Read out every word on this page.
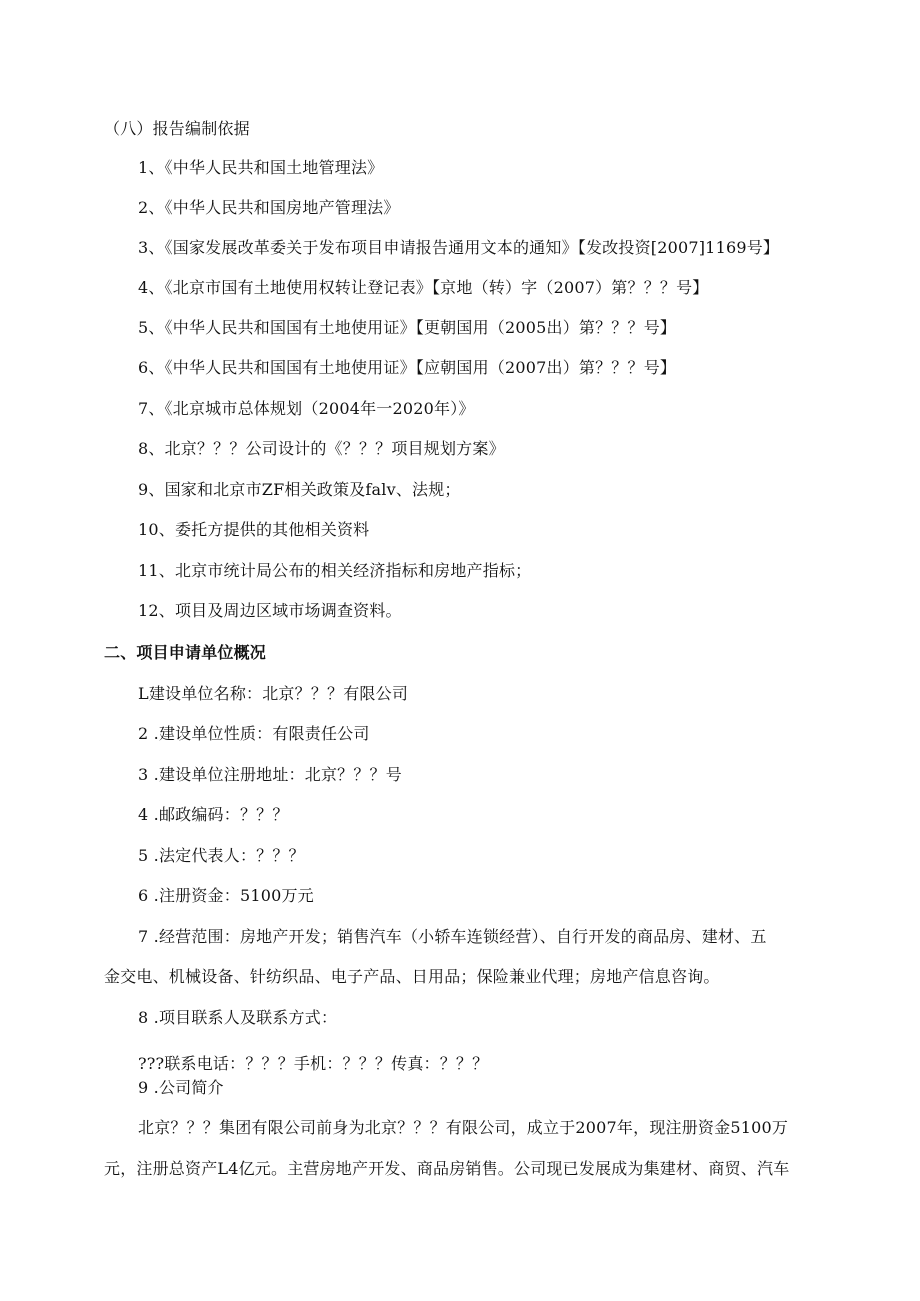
（八）报告编制依据
1、《中华人民共和国土地管理法》
2、《中华人民共和国房地产管理法》
3、《国家发展改革委关于发布项目申请报告通用文本的通知》【发改投资[2007]1169号】
4、《北京市国有土地使用权转让登记表》【京地（转）字（2007）第？？？号】
5、《中华人民共和国国有土地使用证》【更朝国用（2005出）第？？？号】
6、《中华人民共和国国有土地使用证》【应朝国用（2007出）第？？？号】
7、《北京城市总体规划（2004年一2020年）》
8、北京？？？公司设计的《？？？项目规划方案》
9、国家和北京市ZF相关政策及falv、法规；
10、委托方提供的其他相关资料
11、北京市统计局公布的相关经济指标和房地产指标；
12、项目及周边区域市场调查资料。
二、项目申请单位概况
L建设单位名称：北京？？？有限公司
2 .建设单位性质：有限责任公司
3 .建设单位注册地址：北京？？？号
4 .邮政编码：？？？
5 .法定代表人：？？？
6 .注册资金：5100万元
7 .经营范围：房地产开发；销售汽车（小轿车连锁经营）、自行开发的商品房、建材、五
金交电、机械设备、针纺织品、电子产品、日用品；保险兼业代理；房地产信息咨询。
8 .项目联系人及联系方式：
???联系电话：？？？手机：？？？传真：？？？
9 .公司简介
北京？？？集团有限公司前身为北京？？？有限公司，成立于2007年，现注册资金5100万
元，注册总资产L4亿元。主营房地产开发、商品房销售。公司现已发展成为集建材、商贸、汽车
